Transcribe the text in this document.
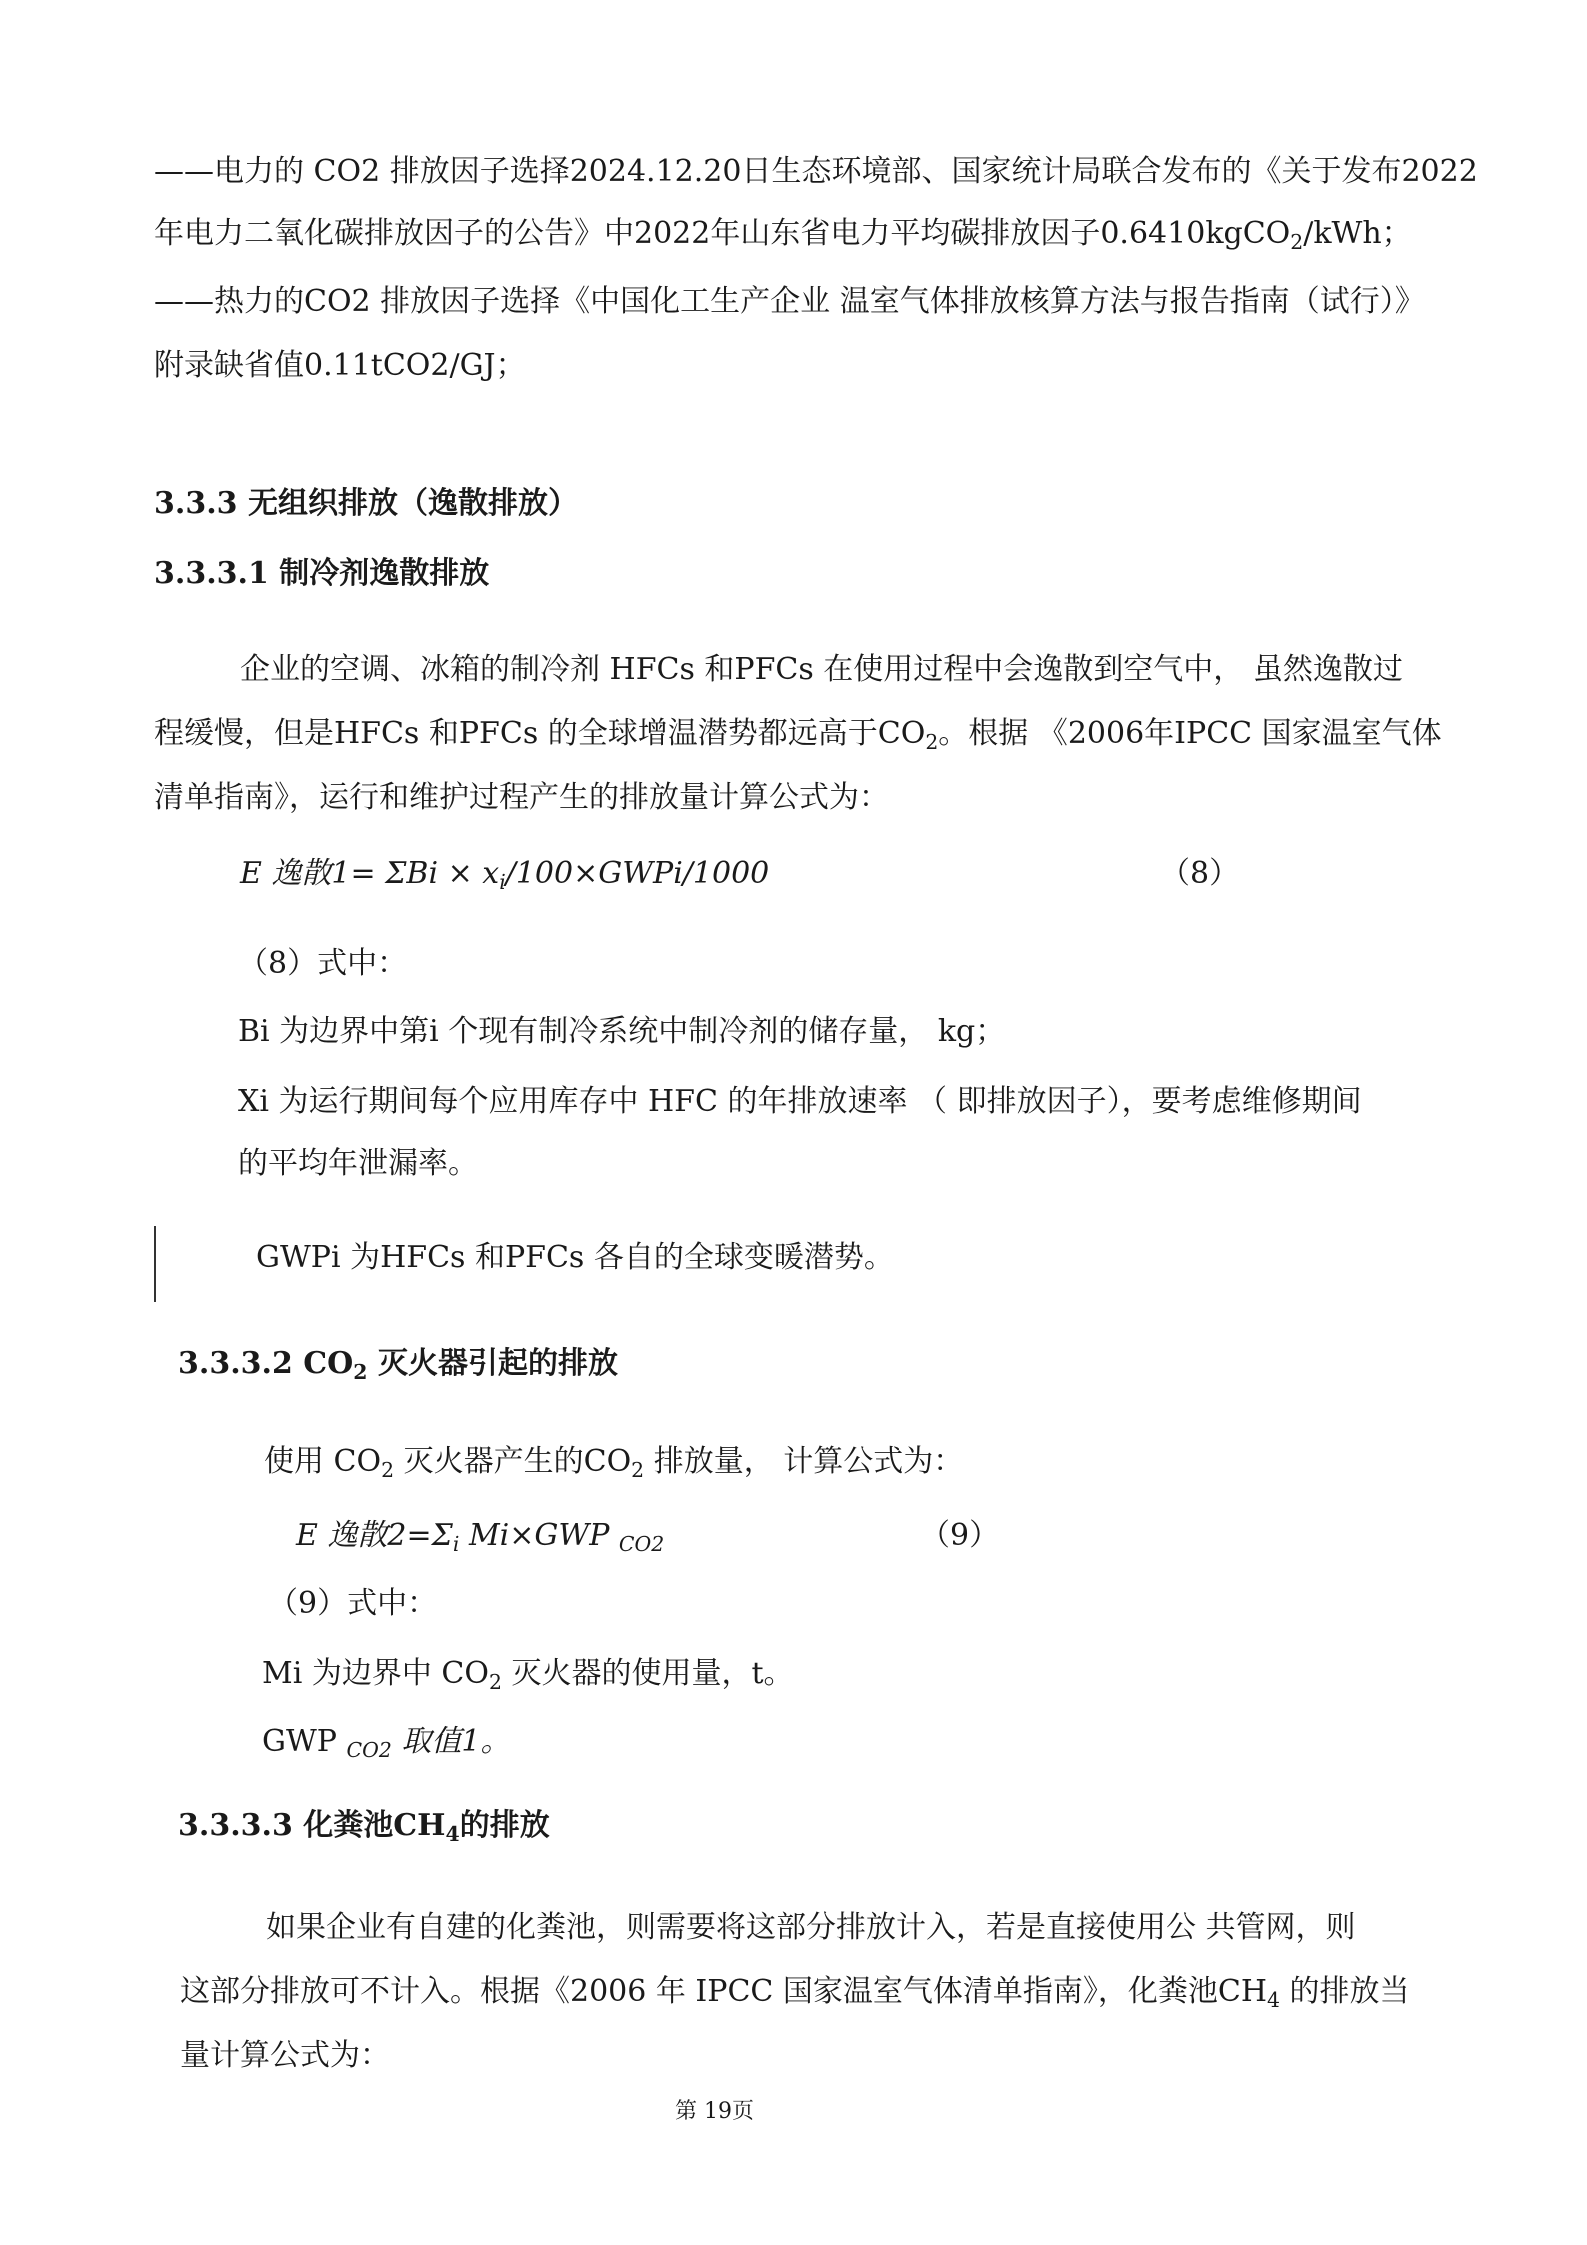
——电力的 CO2 排放因子选择2024.12.20日生态环境部、国家统计局联合发布的《关于发布2022
年电力二氧化碳排放因子的公告》中2022年山东省电力平均碳排放因子0.6410kgCO$_2$/kWh；
——热力的CO2 排放因子选择《中国化工生产企业 温室气体排放核算方法与报告指南（试行）》
附录缺省值0.11tCO2/GJ；
3.3.3 无组织排放（逸散排放）
3.3.3.1 制冷剂逸散排放
企业的空调、冰箱的制冷剂 HFCs 和PFCs 在使用过程中会逸散到空气中， 虽然逸散过
程缓慢，但是HFCs 和PFCs 的全球增温潜势都远高于$CO_2$。根据 《2006年IPCC 国家温室气体
清单指南》，运行和维护过程产生的排放量计算公式为：
E 逸散$1= \Sigma Bi \times x_i/100\times GWPi/1000$	（8）
（8）式中：
Bi 为边界中第i 个现有制冷系统中制冷剂的储存量， kg；
Xi 为运行期间每个应用库存中 HFC 的年排放速率 （ 即排放因子），要考虑维修期间
的平均年泄漏率。
GWPi 为HFCs 和PFCs 各自的全球变暖潜势。
3.3.3.2 $CO_2$ 灭火器引起的排放
使用 $CO_2$ 灭火器产生的$CO_2$ 排放量， 计算公式为：
E 逸散$2=\Sigma_i$ Mi×GWP $_{CO2}$	（9）
（9）式中：
Mi 为边界中 $CO_2$ 灭火器的使用量，t。
GWP $_{CO2}$ 取值1。
3.3.3.3 化粪池$CH_4$的排放
如果企业有自建的化粪池，则需要将这部分排放计入，若是直接使用公 共管网，则
这部分排放可不计入。根据《2006 年 IPCC 国家温室气体清单指南》，化粪池$CH_4$ 的排放当
量计算公式为：
第 19页
